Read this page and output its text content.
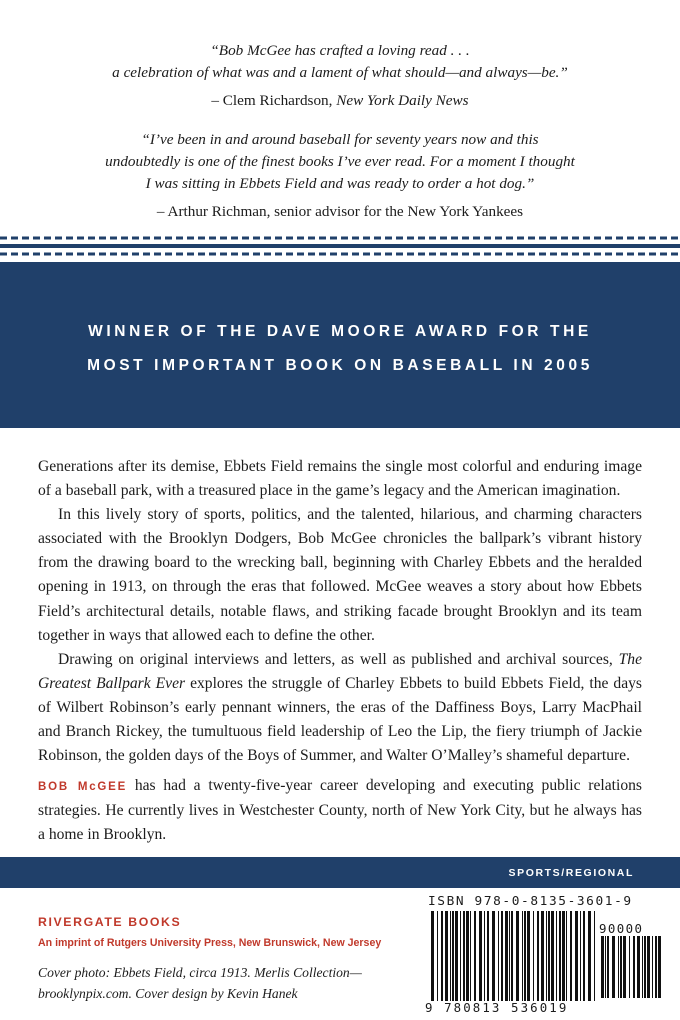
“Bob McGee has crafted a loving read . . .
a celebration of what was and a lament of what should—and always—be.”
– Clem Richardson, New York Daily News
“I’ve been in and around baseball for seventy years now and this
undoubtedly is one of the finest books I’ve ever read. For a moment I thought
I was sitting in Ebbets Field and was ready to order a hot dog.”
– Arthur Richman, senior advisor for the New York Yankees
WINNER OF THE DAVE MOORE AWARD FOR THE
MOST IMPORTANT BOOK ON BASEBALL IN 2005

Generations after its demise, Ebbets Field remains the single most colorful and enduring image of a baseball park, with a treasured place in the game’s legacy and the American imagination.

In this lively story of sports, politics, and the talented, hilarious, and charming characters associated with the Brooklyn Dodgers, Bob McGee chronicles the ballpark’s vibrant history from the drawing board to the wrecking ball, beginning with Charley Ebbets and the heralded opening in 1913, on through the eras that followed. McGee weaves a story about how Ebbets Field’s architectural details, notable flaws, and striking facade brought Brooklyn and its team together in ways that allowed each to define the other.

Drawing on original interviews and letters, as well as published and archival sources, The Greatest Ballpark Ever explores the struggle of Charley Ebbets to build Ebbets Field, the days of Wilbert Robinson’s early pennant winners, the eras of the Daffiness Boys, Larry MacPhail and Branch Rickey, the tumultuous field leadership of Leo the Lip, the fiery triumph of Jackie Robinson, the golden days of the Boys of Summer, and Walter O’Malley’s shameful departure.

BOB McGEE has had a twenty-five-year career developing and executing public relations strategies. He currently lives in Westchester County, north of New York City, but he always has a home in Brooklyn.

SPORTS/REGIONAL
RIVERGATE BOOKS
An imprint of Rutgers University Press, New Brunswick, New Jersey
Cover photo: Ebbets Field, circa 1913. Merlis Collection—
brooklynpix.com. Cover design by Kevin Hanek
ISBN 978-0-8135-3601-9
90000
9 780813 536019
